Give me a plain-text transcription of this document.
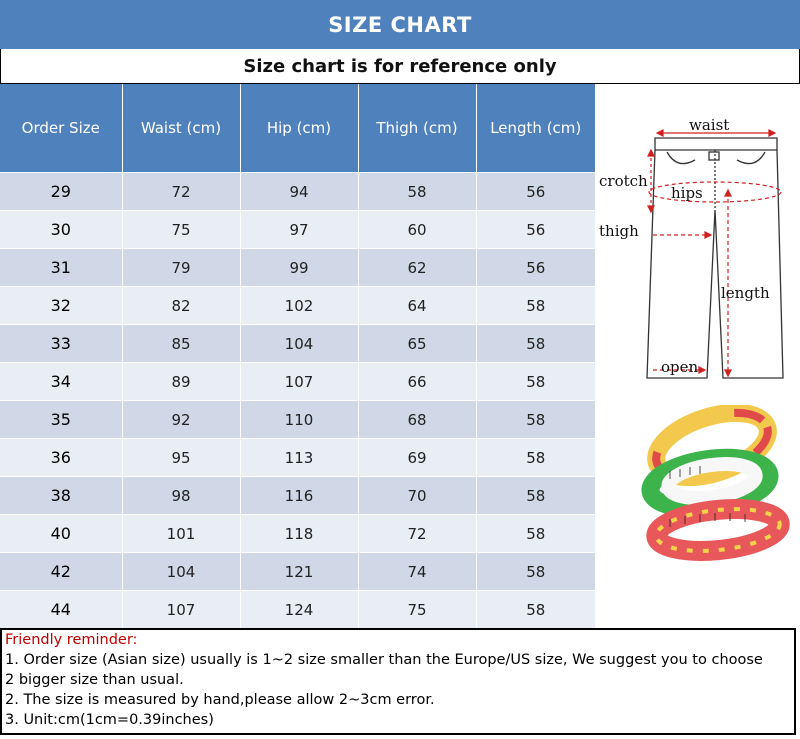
SIZE CHART
Size chart is for reference only
Order Size	Waist (cm)	Hip (cm)	Thigh (cm)	Length (cm)
29	72	94	58	56
30	75	97	60	56
31	79	99	62	56
32	82	102	64	58
33	85	104	65	58
34	89	107	66	58
35	92	110	68	58
36	95	113	69	58
38	98	116	70	58
40	101	118	72	58
42	104	121	74	58
44	107	124	75	58
waist
crotch
hips
thigh
length
open
Friendly reminder:
1. Order size (Asian size) usually is 1~2 size smaller than the Europe/US size, We suggest you to choose
2 bigger size than usual.
2. The size is measured by hand,please allow 2~3cm error.
3. Unit:cm(1cm=0.39inches)
